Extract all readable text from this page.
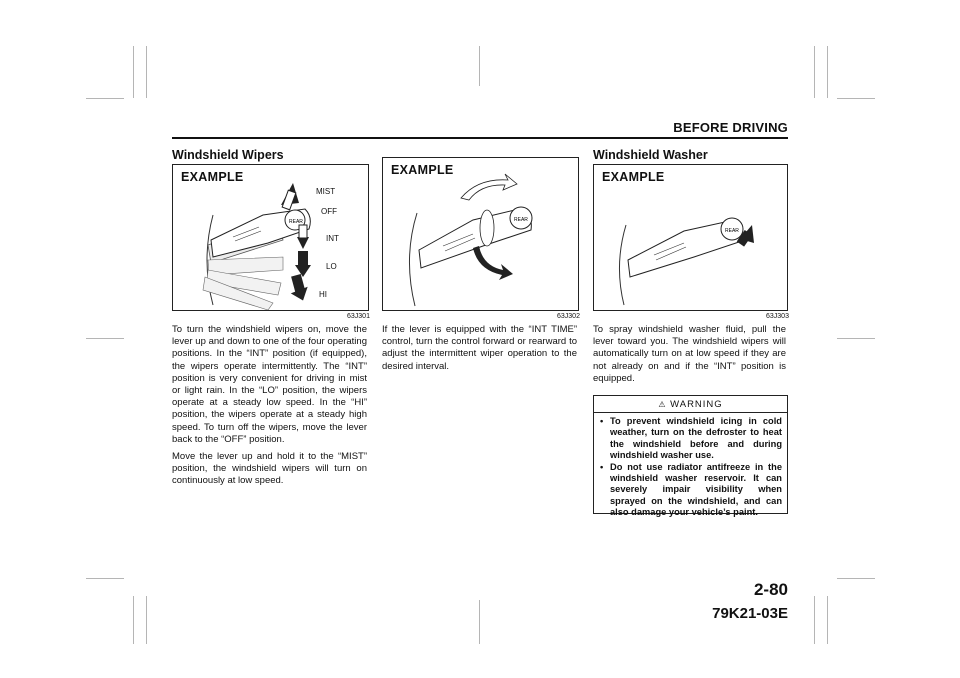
BEFORE DRIVING
Windshield Wipers
EXAMPLE
REAR
MIST
OFF
INT
LO
HI
63J301

To turn the windshield wipers on, move the lever up and down to one of the four operating positions. In the “INT” position (if equipped), the wipers operate intermittently. The “INT” position is very convenient for driving in mist or light rain. In the “LO” position, the wipers operate at a steady low speed. In the “HI” position, the wipers operate at a steady high speed. To turn off the wipers, move the lever back to the “OFF” position.

Move the lever up and hold it to the “MIST” position, the windshield wipers will turn on continuously at low speed.

EXAMPLE
REAR
63J302

If the lever is equipped with the “INT TIME” control, turn the control forward or rearward to adjust the intermittent wiper operation to the desired interval.

Windshield Washer
EXAMPLE
REAR
63J303

To spray windshield washer fluid, pull the lever toward you. The windshield wipers will automatically turn on at low speed if they are not already on and if the “INT” position is equipped.

⚠ WARNING
• To prevent windshield icing in cold weather, turn on the defroster to heat the windshield before and during windshield washer use.
• Do not use radiator antifreeze in the windshield washer reservoir. It can severely impair visibility when sprayed on the windshield, and can also damage your vehicle’s paint.
2-80
79K21-03E
